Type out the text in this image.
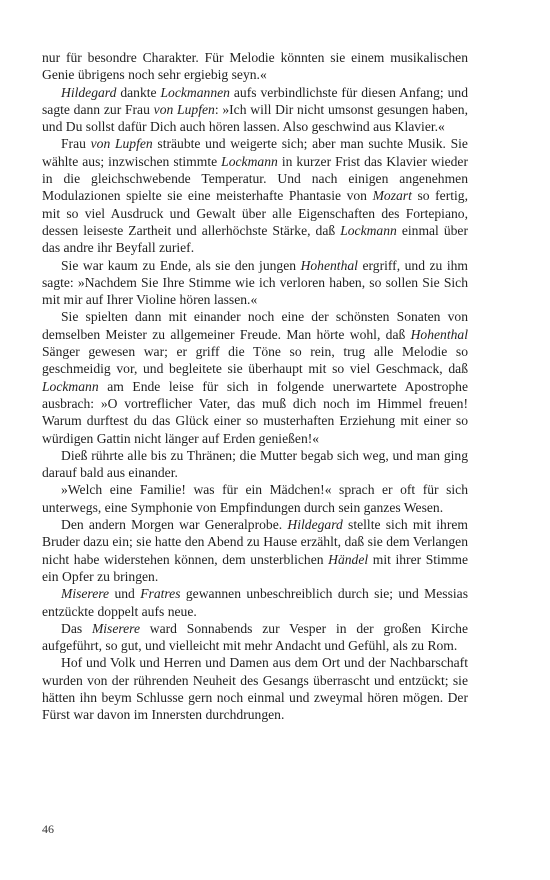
nur für besondre Charakter. Für Melodie könnten sie einem musikalischen Genie übrigens noch sehr ergiebig seyn.«

Hildegard dankte Lockmannen aufs verbindlichste für diesen Anfang; und sagte dann zur Frau von Lupfen: »Ich will Dir nicht umsonst gesungen haben, und Du sollst dafür Dich auch hören lassen. Also geschwind aus Klavier.«

Frau von Lupfen sträubte und weigerte sich; aber man suchte Musik. Sie wählte aus; inzwischen stimmte Lockmann in kurzer Frist das Klavier wieder in die gleichschwebende Temperatur. Und nach einigen angenehmen Modulazionen spielte sie eine meisterhafte Phantasie von Mozart so fertig, mit so viel Ausdruck und Gewalt über alle Eigenschaften des Fortepiano, dessen leiseste Zartheit und allerhöchste Stärke, daß Lockmann einmal über das andre ihr Beyfall zurief.

Sie war kaum zu Ende, als sie den jungen Hohenthal ergriff, und zu ihm sagte: »Nachdem Sie Ihre Stimme wie ich verloren haben, so sollen Sie Sich mit mir auf Ihrer Violine hören lassen.«

Sie spielten dann mit einander noch eine der schönsten Sonaten von demselben Meister zu allgemeiner Freude. Man hörte wohl, daß Hohenthal Sänger gewesen war; er griff die Töne so rein, trug alle Melodie so geschmeidig vor, und begleitete sie überhaupt mit so viel Geschmack, daß Lockmann am Ende leise für sich in folgende unerwartete Apostrophe ausbrach: »O vortreflicher Vater, das muß dich noch im Himmel freuen! Warum durftest du das Glück einer so musterhaften Erziehung mit einer so würdigen Gattin nicht länger auf Erden genießen!«

Dieß rührte alle bis zu Thränen; die Mutter begab sich weg, und man ging darauf bald aus einander.

»Welch eine Familie! was für ein Mädchen!« sprach er oft für sich unterwegs, eine Symphonie von Empfindungen durch sein ganzes Wesen.

Den andern Morgen war Generalprobe. Hildegard stellte sich mit ihrem Bruder dazu ein; sie hatte den Abend zu Hause erzählt, daß sie dem Verlangen nicht habe widerstehen können, dem unsterblichen Händel mit ihrer Stimme ein Opfer zu bringen.

Miserere und Fratres gewannen unbeschreiblich durch sie; und Messias entzückte doppelt aufs neue.

Das Miserere ward Sonnabends zur Vesper in der großen Kirche aufgeführt, so gut, und vielleicht mit mehr Andacht und Gefühl, als zu Rom.

Hof und Volk und Herren und Damen aus dem Ort und der Nachbarschaft wurden von der rührenden Neuheit des Gesangs überrascht und entzückt; sie hätten ihn beym Schlusse gern noch einmal und zweymal hören mögen. Der Fürst war davon im Innersten durchdrungen.

46
